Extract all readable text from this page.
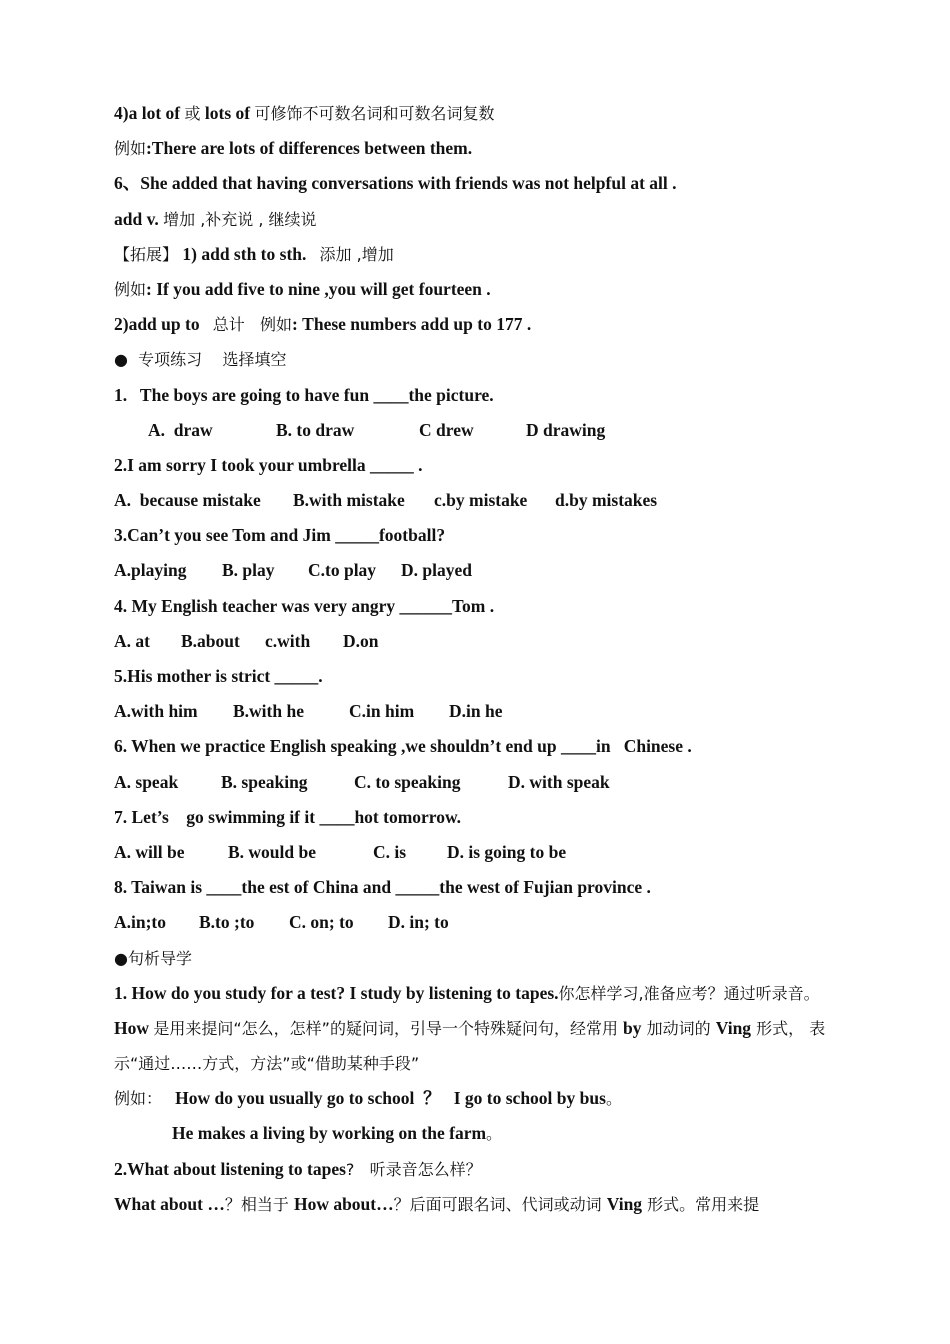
4)a lot of 或 lots of 可修饰不可数名词和可数名词复数
例如:There are lots of differences between them.
6、She added that having conversations with friends was not helpful at all .
add v. 增加 ,补充说 , 继续说
【拓展】 1) add sth to sth.   添加 ,增加
例如: If you add five to nine ,you will get fourteen .
2)add up to   总计   例如: These numbers add up to 177 .
●  专项练习    选择填空
1.   The boys are going to have fun ____the picture.
A.  draw	B. to draw	C drew	D drawing
2.I am sorry I took your umbrella _____ .
A.  because mistake B.with mistake c.by mistake d.by mistakes
3.Can’t you see Tom and Jim _____football?
A.playing B. play C.to play D. played
4. My English teacher was very angry ______Tom .
A. at B.about c.with D.on
5.His mother is strict _____.
A.with him B.with he	C.in him D.in he
6. When we practice English speaking ,we shouldn’t end up ____in   Chinese .
A. speak B. speaking	C. to speaking	D. with speak
7. Let’s    go swimming if it ____hot tomorrow.
A. will be B. would be	C. is D. is going to be
8. Taiwan is ____the est of China and _____the west of Fujian province .
A.in;to B.to ;to C. on; to D. in; to
●句析导学
1. How do you study for a test? I study by listening to tapes.你怎样学习,准备应考？通过听录音。
How 是用来提问“怎么，怎样”的疑问词，引导一个特殊疑问句，经常用 by 加动词的 Ving 形式， 表示“通过……方式，方法”或“借助某种手段”
例如：   How do you usually go to school  ？   I go to school by bus。
He makes a living by working on the farm。
2.What about listening to tapes?   听录音怎么样？
What about …？相当于 How about…？后面可跟名词、代词或动词 Ving 形式。常用来提
